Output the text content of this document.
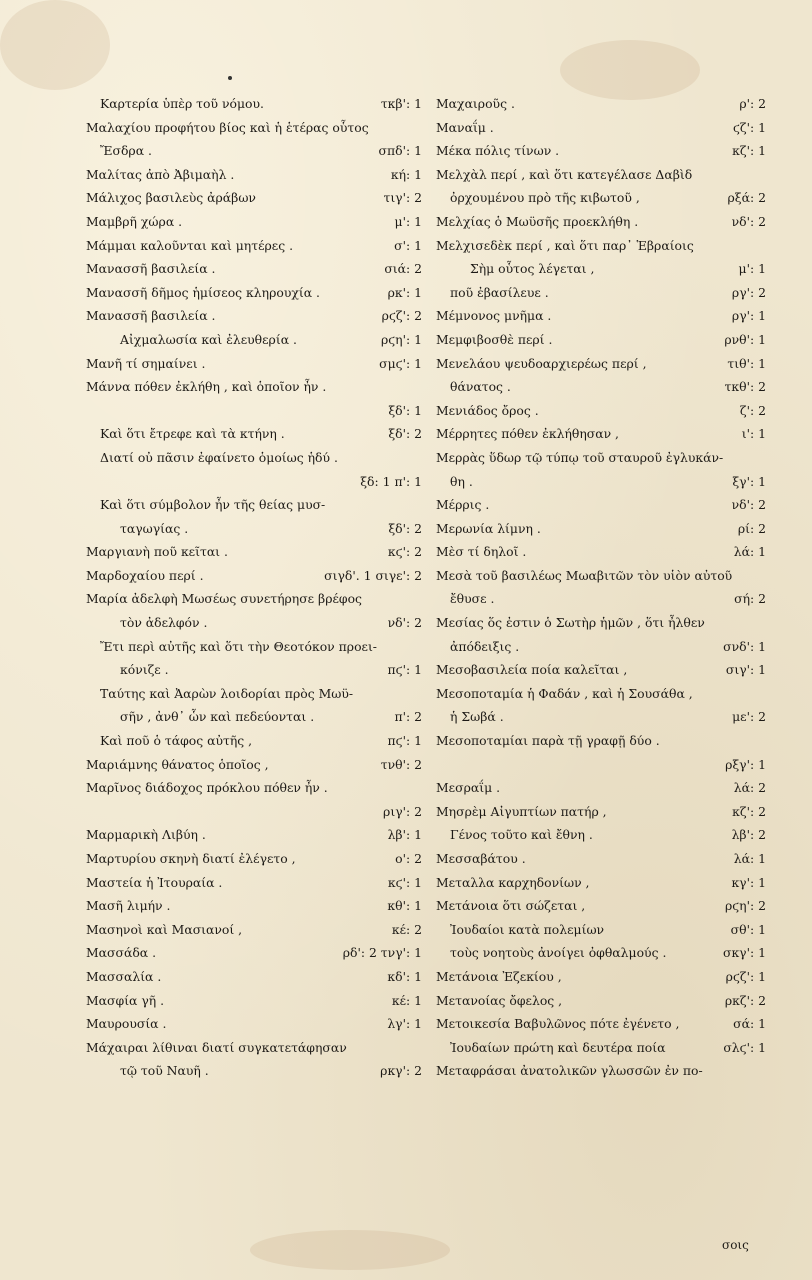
Καρτερία ὑπὲρ τοῦ νόμου.	τκβ': 1
Μαλαχίου προφήτου βίος καὶ ἡ ἑτέρας οὗτος
Ἔσδρα .	σπδ': 1
Μαλίτας ἀπὸ Ἀβιμαὴλ .	κή: 1
Μάλιχος βασιλεὺς ἀράβων	τιγ': 2
Μαμβρῆ χώρα .	μ': 1
Μάμμαι καλοῦνται καὶ μητέρες .	σ': 1
Μανασσῆ βασιλεία .	σιά: 2
Μανασσῆ δῆμος ἡμίσεος κληρουχία .	ρκ': 1
Μανασσῆ βασιλεία .	ρϛζ': 2
Αἰχμαλωσία καὶ ἐλευθερία .	ρϛη': 1
Μανῆ τί σημαίνει .	σμϛ': 1
Μάννα πόθεν ἐκλήθη , καὶ ὁποῖον ἦν .
ξδ': 1
Καὶ ὅτι ἔτρεφε καὶ τὰ κτήνη .	ξδ': 2
Διατί οὐ πᾶσιν ἐφαίνετο ὁμοίως ἡδύ .
ξδ: 1 π': 1
Καὶ ὅτι σύμβολον ἦν τῆς θείας μυσ-
ταγωγίας .	ξδ': 2
Μαργιανὴ ποῦ κεῖται .	κϛ': 2
Μαρδοχαίου περί .	σιγδ'. 1 σιγε': 2
Μαρία ἀδελφὴ Μωσέως συνετήρησε βρέφος
τὸν ἀδελφόν .	νδ': 2
Ἔτι περὶ αὐτῆς καὶ ὅτι τὴν Θεοτόκον προει-
κόνιζε .	πϛ': 1
Ταύτης καὶ Ἀαρὼν λοιδορίαι πρὸς Μωϋ-
σῆν , ἀνθ᾽ ὧν καὶ πεδεύονται .	π': 2
Καὶ ποῦ ὁ τάφος αὐτῆς ,	πϛ': 1
Μαριάμνης θάνατος ὁποῖος ,	τνθ': 2
Μαρῖνος διάδοχος πρόκλου πόθεν ἦν .
ριγ': 2
Μαρμαρικὴ Λιβύη .	λβ': 1
Μαρτυρίου σκηνὴ διατί ἐλέγετο ,	ο': 2
Μαστεία ἡ Ἰτουραία .	κϛ': 1
Μασῆ λιμήν .	κθ': 1
Μασηνοὶ καὶ Μασιανοί ,	κέ: 2
Μασσάδα .	ρδ': 2 τνγ': 1
Μασσαλία .	κδ': 1
Μασφία γῆ .	κέ: 1
Μαυρουσία .	λγ': 1
Μάχαιραι λίθιναι διατί συγκατετάφησαν
τῷ τοῦ Ναυῆ .	ρκγ': 2
Μαχαιροῦς .	ρ': 2
Μαναΐμ .	ϛζ': 1
Μέκα πόλις τίνων .	κζ': 1
Μελχὰλ περί , καὶ ὅτι κατεγέλασε Δαβὶδ
ὀρχουμένου πρὸ τῆς κιβωτοῦ ,	ρξά: 2
Μελχίας ὁ Μωϋσῆς προεκλήθη .	νδ': 2
Μελχισεδὲκ περί , καὶ ὅτι παρ᾽ Ἑβραίοις
Σὴμ οὗτος λέγεται ,	μ': 1
ποῦ ἐβασίλευε .	ργ': 2
Μέμνονος μνῆμα .	ργ': 1
Μεμφιβοσθὲ περί .	ρνθ': 1
Μενελάου ψευδοαρχιερέως περί ,	τιθ': 1
θάνατος .	τκθ': 2
Μενιάδος ὄρος .	ζ': 2
Μέρρητες πόθεν ἐκλήθησαν ,	ι': 1
Μερρὰς ὕδωρ τῷ τύπῳ τοῦ σταυροῦ ἐγλυκάν-
θη .	ξγ': 1
Μέρρις .	νδ': 2
Μερωνία λίμνη .	ρί: 2
Μὲσ τί δηλοῖ .	λά: 1
Μεσὰ τοῦ βασιλέως Μωαβιτῶν τὸν υἱὸν αὐτοῦ
ἔθυσε .	σή: 2
Μεσίας ὅς ἐστιν ὁ Σωτὴρ ἡμῶν , ὅτι ἦλθεν
ἀπόδειξις .	σνδ': 1
Μεσοβασιλεία ποία καλεῖται ,	σιγ': 1
Μεσοποταμία ἡ Φαδάν , καὶ ἡ Σουσάθα ,
ἡ Σωβά .	με': 2
Μεσοποταμίαι παρὰ τῇ γραφῇ δύο .
ρξγ': 1
Μεσραΐμ .	λά: 2
Μησρὲμ Αἰγυπτίων πατήρ ,	κζ': 2
Γένος τοῦτο καὶ ἔθνη .	λβ': 2
Μεσσαβάτου .	λά: 1
Μεταλλα καρχηδονίων ,	κγ': 1
Μετάνοια ὅτι σώζεται ,	ρϛη': 2
Ἰουδαίοι κατὰ πολεμίων	σθ': 1
τοὺς νοητοὺς ἀνοίγει ὀφθαλμούς .	σκγ': 1
Μετάνοια Ἐζεκίου ,	ρϛζ': 1
Μετανοίας ὄφελος ,	ρκζ': 2
Μετοικεσία Βαβυλῶνος πότε ἐγένετο ,	σά: 1
Ἰουδαίων πρώτη καὶ δευτέρα ποία	σλϛ': 1
Μεταφράσαι ἀνατολικῶν γλωσσῶν ἐν πο-
σοις
